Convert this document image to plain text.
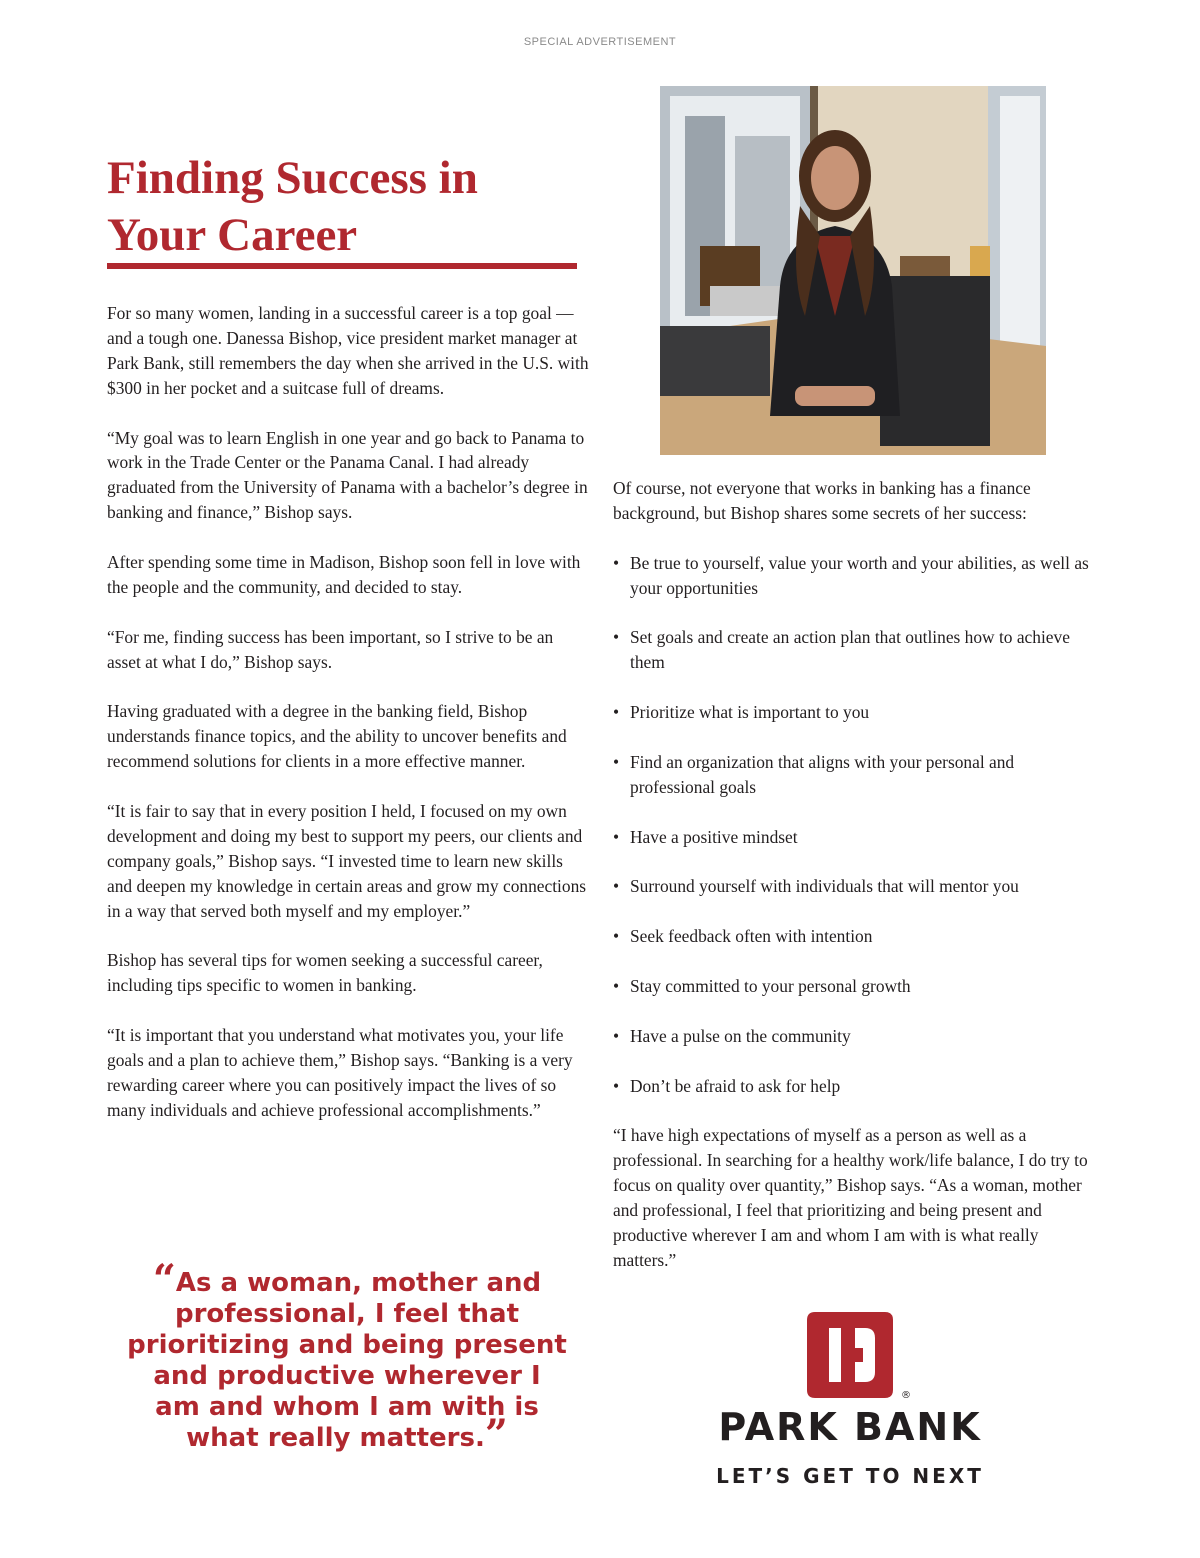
SPECIAL ADVERTISEMENT
Finding Success in
Your Career

For so many women, landing in a successful career is a top goal — and a tough one. Danessa Bishop, vice president market manager at Park Bank, still remembers the day when she arrived in the U.S. with $300 in her pocket and a suitcase full of dreams.

“My goal was to learn English in one year and go back to Panama to work in the Trade Center or the Panama Canal. I had already graduated from the University of Panama with a bachelor’s degree in banking and finance,” Bishop says.

After spending some time in Madison, Bishop soon fell in love with the people and the community, and decided to stay.

“For me, finding success has been important, so I strive to be an asset at what I do,” Bishop says.

Having graduated with a degree in the banking field, Bishop understands finance topics, and the ability to uncover benefits and recommend solutions for clients in a more effective manner.

“It is fair to say that in every position I held, I focused on my own development and doing my best to support my peers, our clients and company goals,” Bishop says. “I invested time to learn new skills and deepen my knowledge in certain areas and grow my connections in a way that served both myself and my employer.”

Bishop has several tips for women seeking a successful career, including tips specific to women in banking.

“It is important that you understand what motivates you, your life goals and a plan to achieve them,” Bishop says. “Banking is a very rewarding career where you can positively impact the lives of so many individuals and achieve professional accomplishments.”

Of course, not everyone that works in banking has a finance background, but Bishop shares some secrets of her success:

• Be true to yourself, value your worth and your abilities, as well as your opportunities
• Set goals and create an action plan that outlines how to achieve them
• Prioritize what is important to you
• Find an organization that aligns with your personal and professional goals
• Have a positive mindset
• Surround yourself with individuals that will mentor you
• Seek feedback often with intention
• Stay committed to your personal growth
• Have a pulse on the community
• Don’t be afraid to ask for help

“I have high expectations of myself as a person as well as a professional. In searching for a healthy work/life balance, I do try to focus on quality over quantity,” Bishop says. “As a woman, mother and professional, I feel that prioritizing and being present and productive wherever I am and whom I am with is what really matters.”

“As a woman, mother and professional, I feel that prioritizing and being present and productive wherever I am and whom I am with is what really matters.”
®
PARK BANK
LET’S GET TO NEXT
